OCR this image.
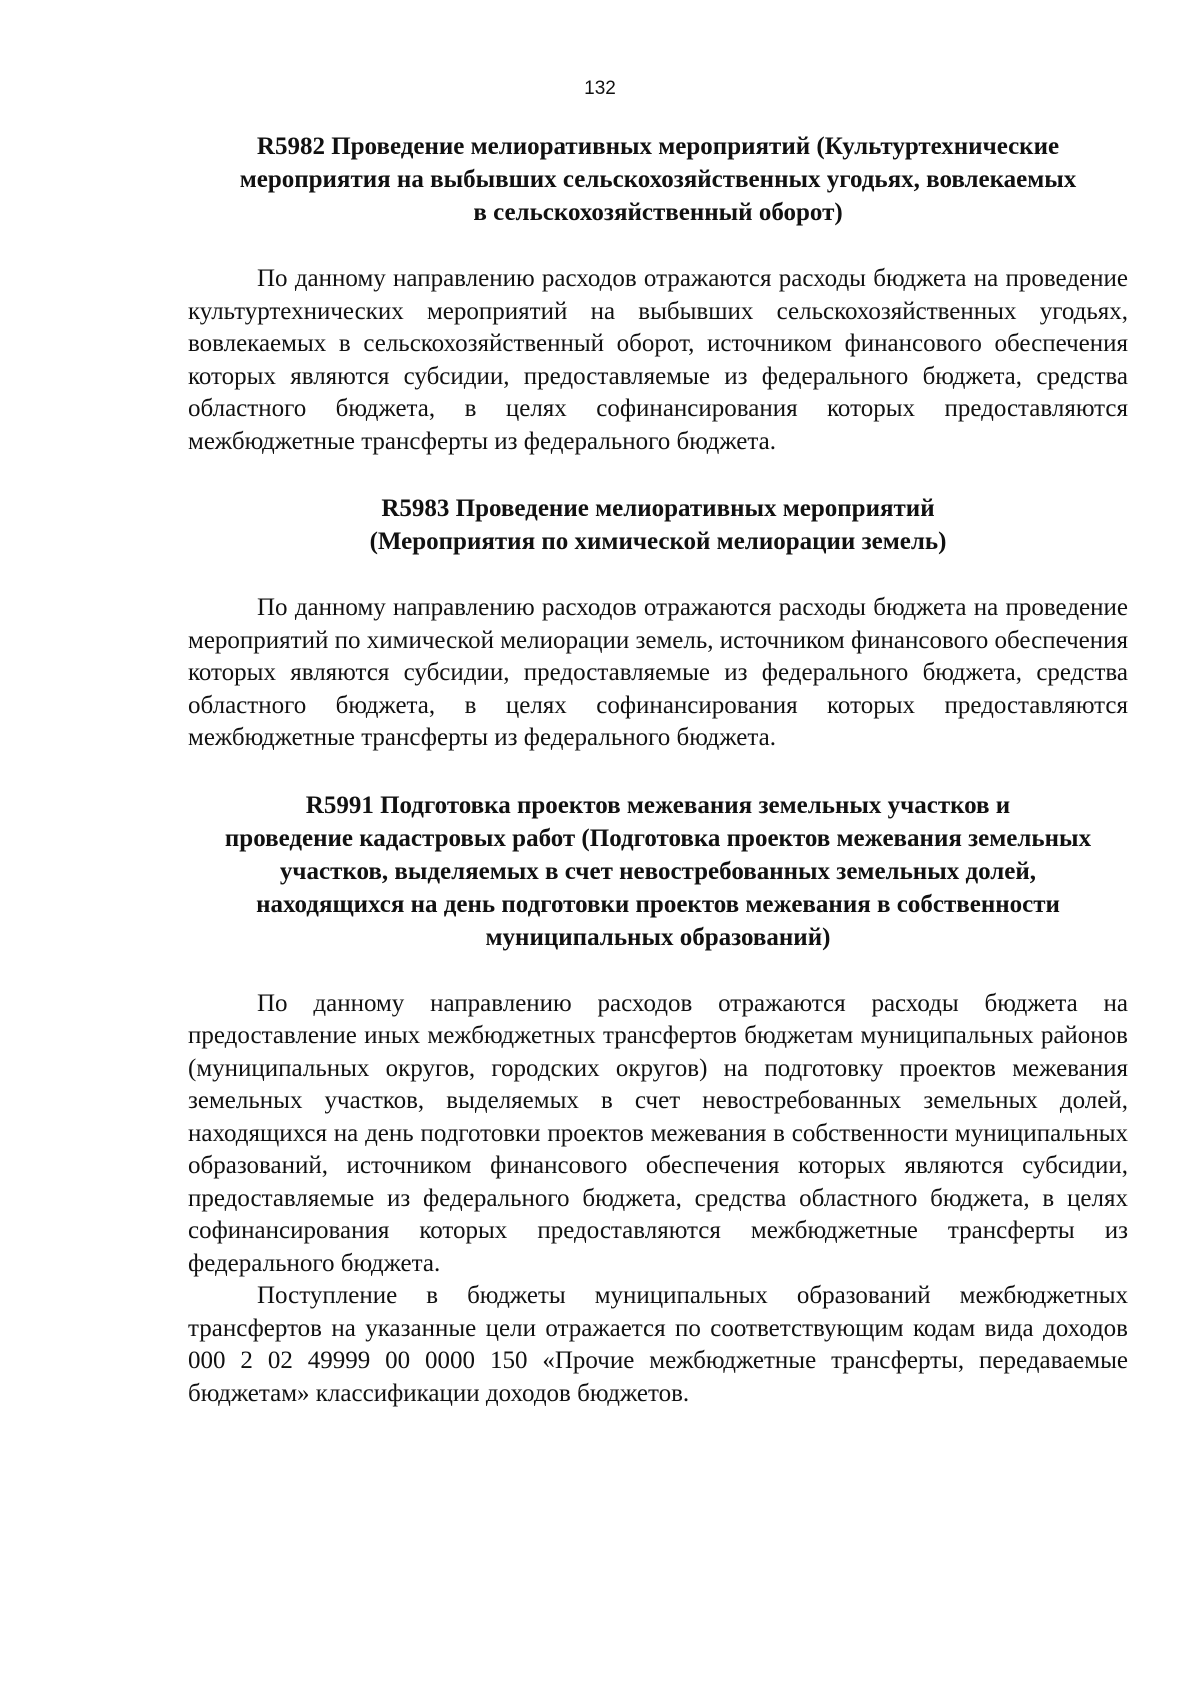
132
R5982 Проведение мелиоративных мероприятий (Культуртехнические
мероприятия на выбывших сельскохозяйственных угодьях, вовлекаемых
в сельскохозяйственный оборот)

По данному направлению расходов отражаются расходы бюджета на проведение культуртехнических мероприятий на выбывших сельскохозяйственных угодьях, вовлекаемых в сельскохозяйственный оборот, источником финансового обеспечения которых являются субсидии, предоставляемые из федерального бюджета, средства областного бюджета, в целях софинансирования которых предоставляются межбюджетные трансферты из федерального бюджета.

R5983 Проведение мелиоративных мероприятий
(Мероприятия по химической мелиорации земель)

По данному направлению расходов отражаются расходы бюджета на проведение мероприятий по химической мелиорации земель, источником финансового обеспечения которых являются субсидии, предоставляемые из федерального бюджета, средства областного бюджета, в целях софинансирования которых предоставляются межбюджетные трансферты из федерального бюджета.

R5991 Подготовка проектов межевания земельных участков и
проведение кадастровых работ (Подготовка проектов межевания земельных
участков, выделяемых в счет невостребованных земельных долей,
находящихся на день подготовки проектов межевания в собственности
муниципальных образований)

По данному направлению расходов отражаются расходы бюджета на предоставление иных межбюджетных трансфертов бюджетам муниципальных районов (муниципальных округов, городских округов) на подготовку проектов межевания земельных участков, выделяемых в счет невостребованных земельных долей, находящихся на день подготовки проектов межевания в собственности муниципальных образований, источником финансового обеспечения которых являются субсидии, предоставляемые из федерального бюджета, средства областного бюджета, в целях софинансирования которых предоставляются межбюджетные трансферты из федерального бюджета.

Поступление в бюджеты муниципальных образований межбюджетных трансфертов на указанные цели отражается по соответствующим кодам вида доходов 000 2 02 49999 00 0000 150 «Прочие межбюджетные трансферты, передаваемые бюджетам» классификации доходов бюджетов.
